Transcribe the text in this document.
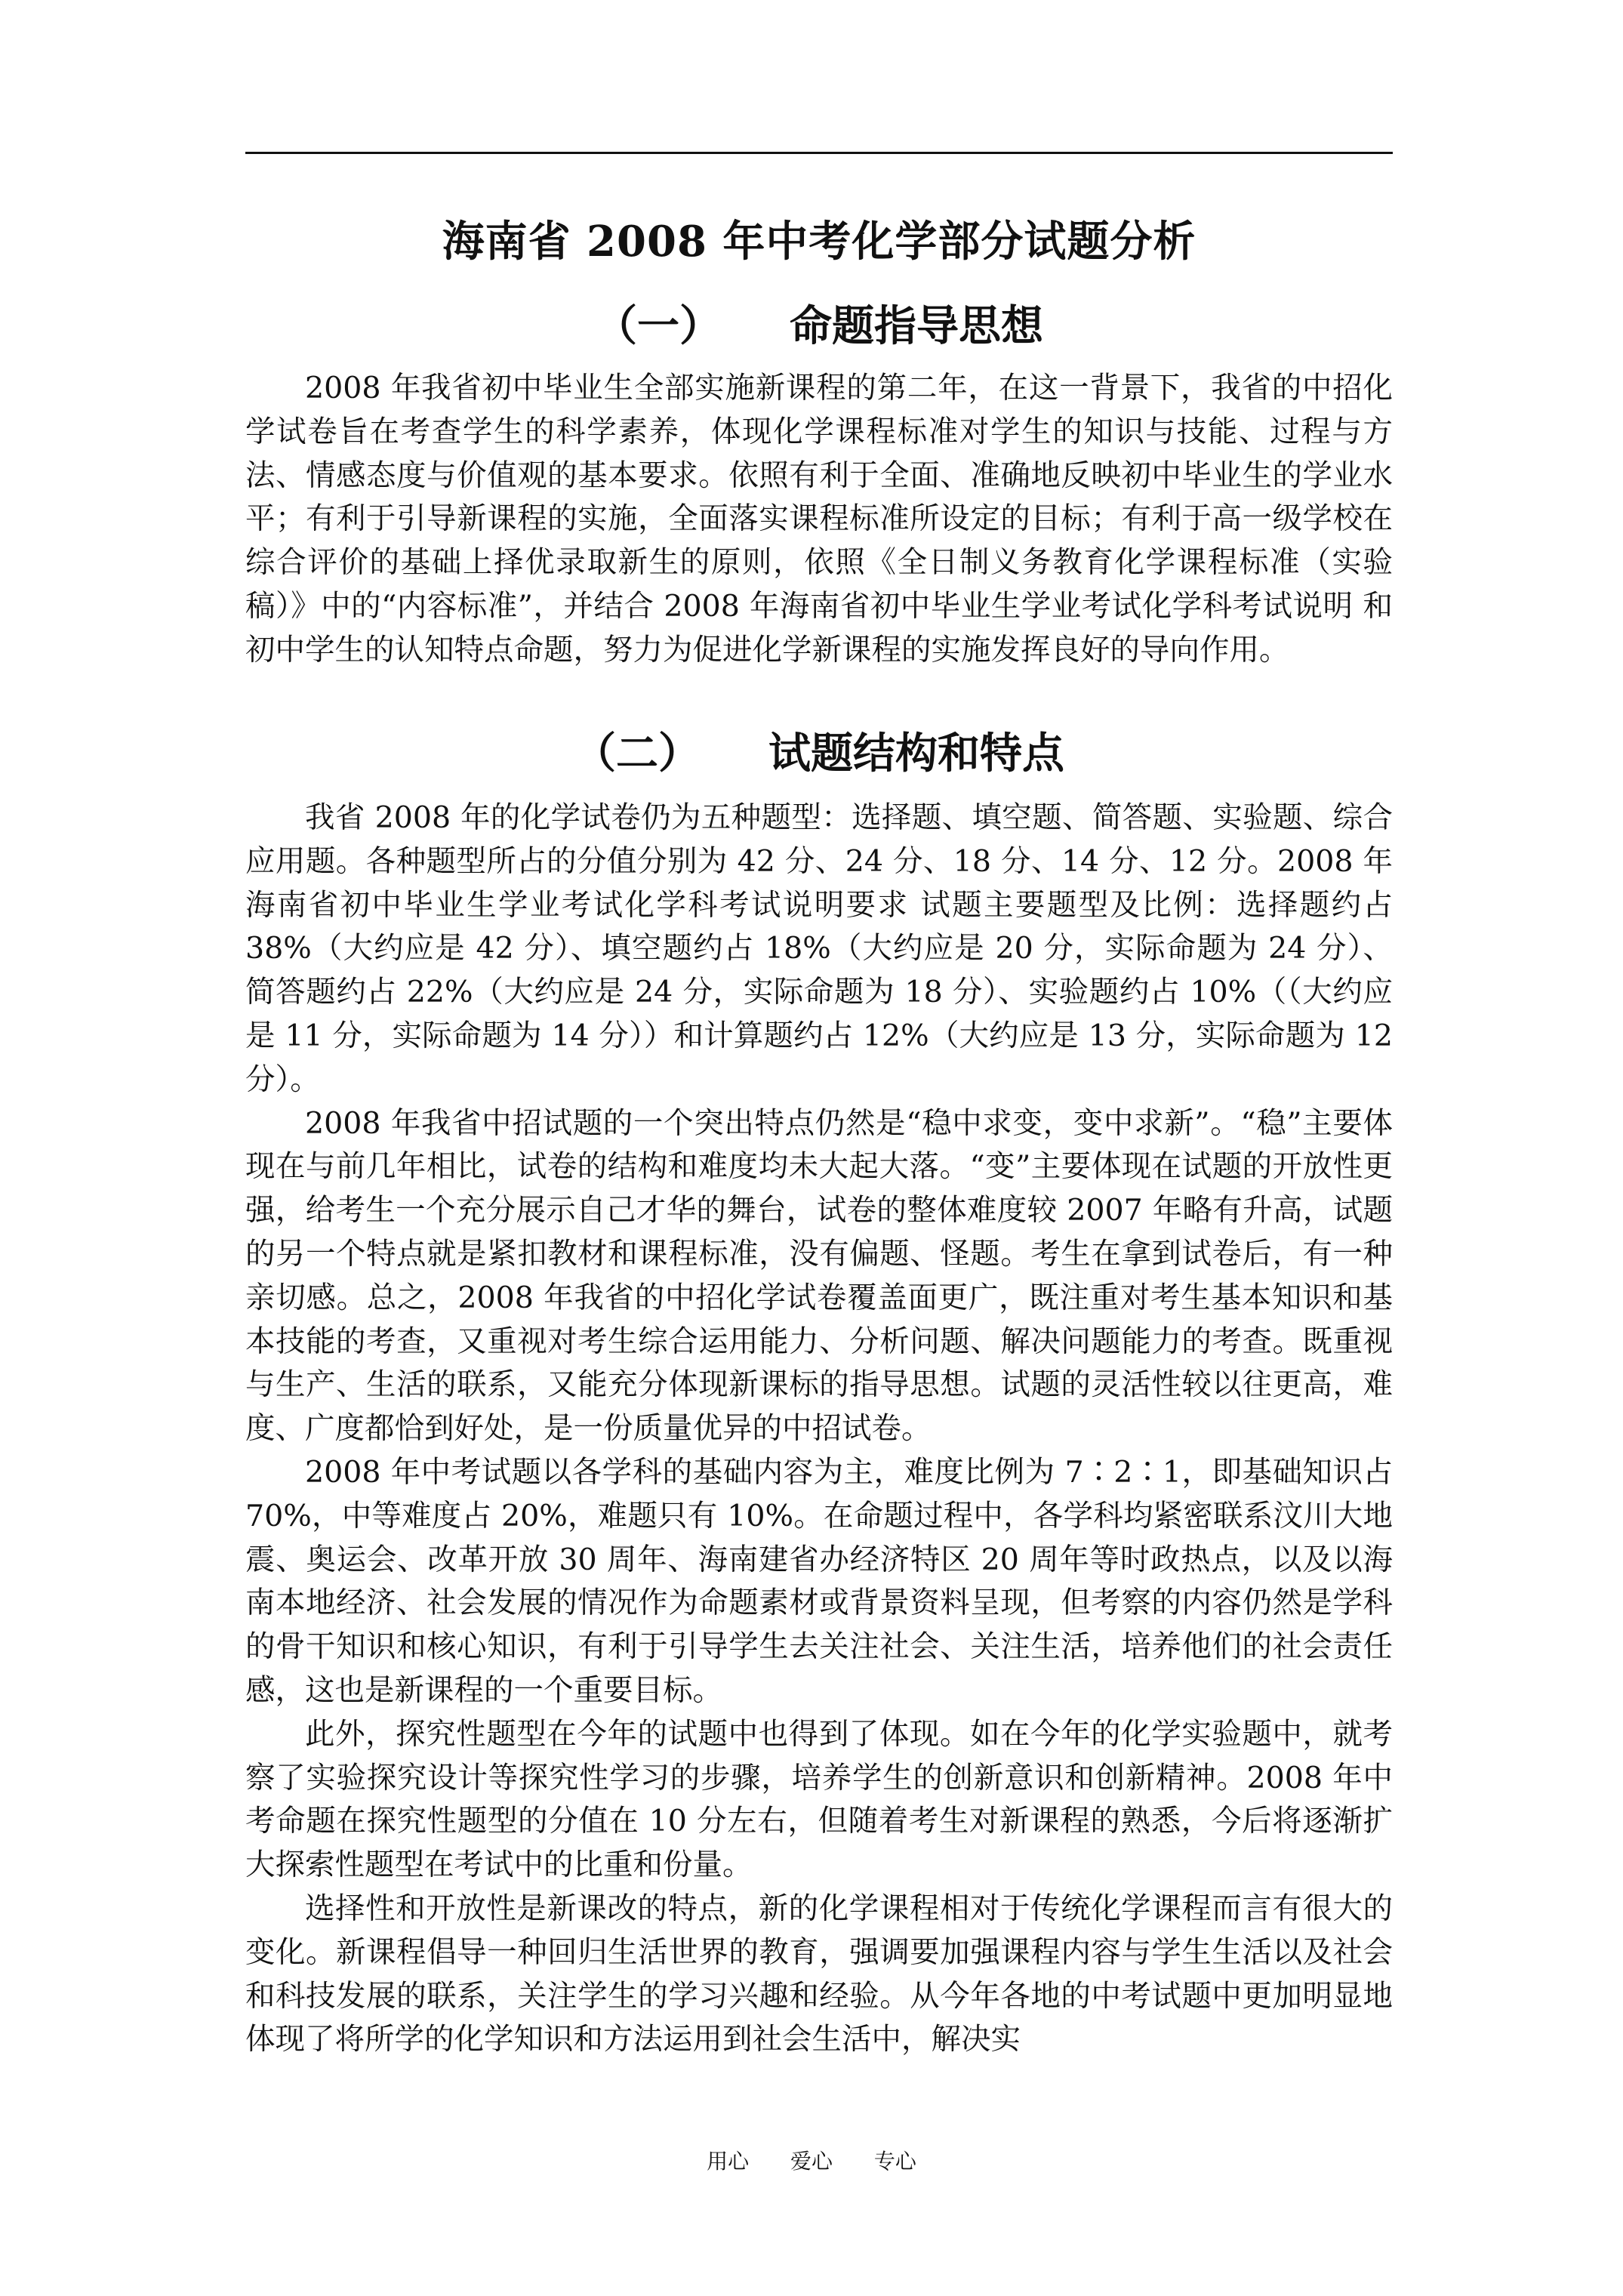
海南省 2008 年中考化学部分试题分析
（一） 命题指导思想

2008 年我省初中毕业生全部实施新课程的第二年，在这一背景下，我省的中招化学试卷旨在考查学生的科学素养，体现化学课程标准对学生的知识与技能、过程与方法、情感态度与价值观的基本要求。依照有利于全面、准确地反映初中毕业生的学业水平；有利于引导新课程的实施，全面落实课程标准所设定的目标；有利于高一级学校在综合评价的基础上择优录取新生的原则，依照《全日制义务教育化学课程标准（实验稿）》中的“内容标准”，并结合 2008 年海南省初中毕业生学业考试化学科考试说明 和初中学生的认知特点命题，努力为促进化学新课程的实施发挥良好的导向作用。

（二） 试题结构和特点

我省 2008 年的化学试卷仍为五种题型：选择题、填空题、简答题、实验题、综合应用题。各种题型所占的分值分别为 42 分、24 分、18 分、14 分、12 分。2008 年海南省初中毕业生学业考试化学科考试说明要求 试题主要题型及比例：选择题约占 38%（大约应是 42 分）、填空题约占 18%（大约应是 20 分，实际命题为 24 分）、简答题约占 22%（大约应是 24 分，实际命题为 18 分）、实验题约占 10%（（大约应是 11 分，实际命题为 14 分））和计算题约占 12%（大约应是 13 分，实际命题为 12 分）。

2008 年我省中招试题的一个突出特点仍然是“稳中求变，变中求新”。“稳”主要体现在与前几年相比，试卷的结构和难度均未大起大落。“变”主要体现在试题的开放性更强，给考生一个充分展示自己才华的舞台，试卷的整体难度较 2007 年略有升高，试题的另一个特点就是紧扣教材和课程标准，没有偏题、怪题。考生在拿到试卷后，有一种亲切感。总之，2008 年我省的中招化学试卷覆盖面更广，既注重对考生基本知识和基本技能的考查，又重视对考生综合运用能力、分析问题、解决问题能力的考查。既重视与生产、生活的联系，又能充分体现新课标的指导思想。试题的灵活性较以往更高，难度、广度都恰到好处，是一份质量优异的中招试卷。

2008 年中考试题以各学科的基础内容为主，难度比例为 7∶2∶1，即基础知识占 70%，中等难度占 20%，难题只有 10%。在命题过程中，各学科均紧密联系汶川大地震、奥运会、改革开放 30 周年、海南建省办经济特区 20 周年等时政热点，以及以海南本地经济、社会发展的情况作为命题素材或背景资料呈现，但考察的内容仍然是学科的骨干知识和核心知识，有利于引导学生去关注社会、关注生活，培养他们的社会责任感，这也是新课程的一个重要目标。

此外，探究性题型在今年的试题中也得到了体现。如在今年的化学实验题中，就考察了实验探究设计等探究性学习的步骤，培养学生的创新意识和创新精神。2008 年中考命题在探究性题型的分值在 10 分左右，但随着考生对新课程的熟悉，今后将逐渐扩大探索性题型在考试中的比重和份量。

选择性和开放性是新课改的特点，新的化学课程相对于传统化学课程而言有很大的变化。新课程倡导一种回归生活世界的教育，强调要加强课程内容与学生生活以及社会和科技发展的联系，关注学生的学习兴趣和经验。从今年各地的中考试题中更加明显地体现了将所学的化学知识和方法运用到社会生活中，解决实

用心 爱心 专心
